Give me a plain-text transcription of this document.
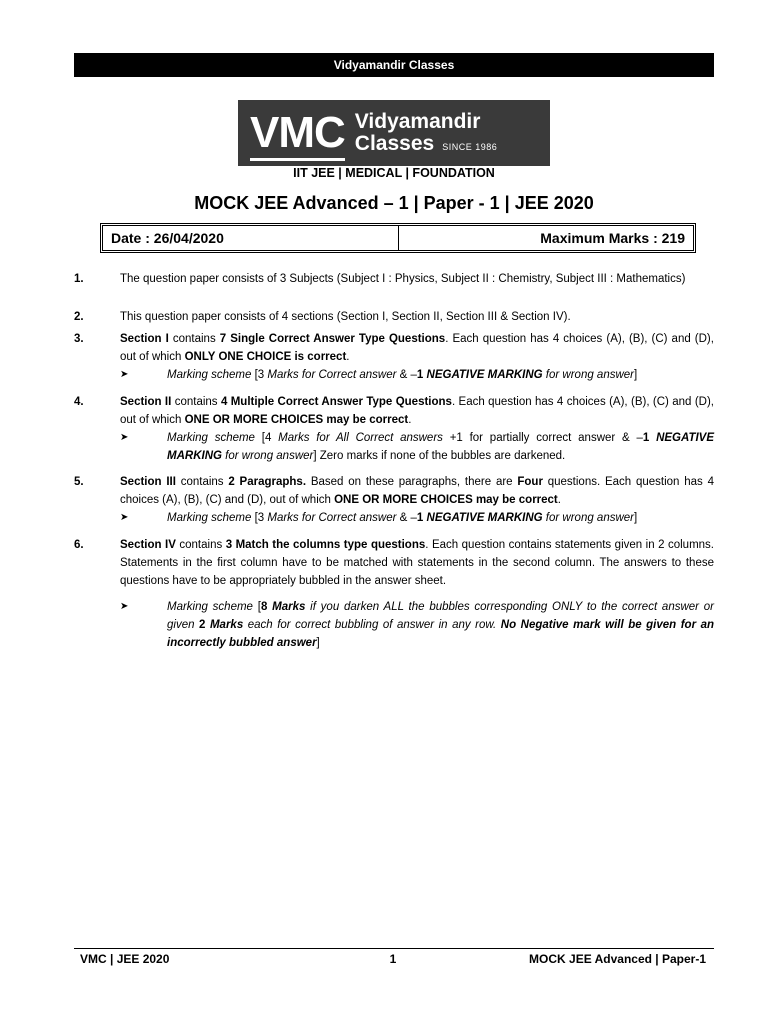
Vidyamandir Classes
VMC Vidyamandir
Classes SINCE 1986
IIT JEE | MEDICAL | FOUNDATION
MOCK JEE Advanced – 1 | Paper - 1 | JEE 2020
Date : 26/04/2020	Maximum Marks : 219
1.	The question paper consists of 3 Subjects (Subject I : Physics, Subject II : Chemistry, Subject III : Mathematics)
2.	This question paper consists of 4 sections (Section I, Section II, Section III & Section IV).
3.	Section I contains 7 Single Correct Answer Type Questions. Each question has 4 choices (A), (B), (C) and (D), out of which ONLY ONE CHOICE is correct.
➤	Marking scheme [3 Marks for Correct answer & –1 NEGATIVE MARKING for wrong answer]
4.	Section II contains 4 Multiple Correct Answer Type Questions. Each question has 4 choices (A), (B), (C) and (D), out of which ONE OR MORE CHOICES may be correct.
➤	Marking scheme [4 Marks for All Correct answers +1 for partially correct answer & –1 NEGATIVE MARKING for wrong answer] Zero marks if none of the bubbles are darkened.
5.	Section III contains 2 Paragraphs. Based on these paragraphs, there are Four questions. Each question has 4 choices (A), (B), (C) and (D), out of which ONE OR MORE CHOICES may be correct.
➤	Marking scheme [3 Marks for Correct answer & –1 NEGATIVE MARKING for wrong answer]
6.	Section IV contains 3 Match the columns type questions. Each question contains statements given in 2 columns. Statements in the first column have to be matched with statements in the second column. The answers to these questions have to be appropriately bubbled in the answer sheet.
➤	Marking scheme [8 Marks if you darken ALL the bubbles corresponding ONLY to the correct answer or given 2 Marks each for correct bubbling of answer in any row. No Negative mark will be given for an incorrectly bubbled answer]
VMC | JEE 2020	1	MOCK JEE Advanced | Paper-1
